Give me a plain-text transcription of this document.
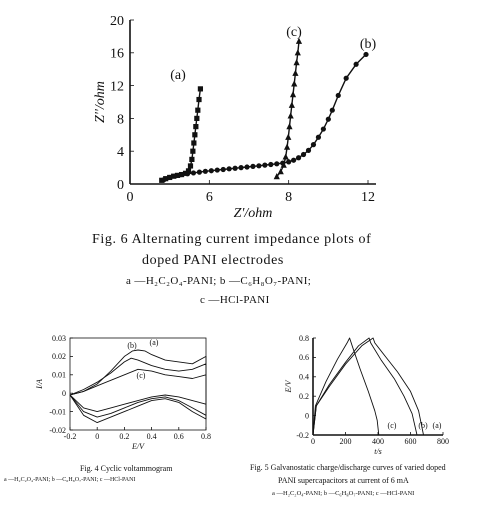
0
4
8
12
16
20
0	6	8	12
Z'/ohm
Z''/ohm
(a)
(b)
(c)
-0.02
-0.01
0
0.01
0.02
0.03
-0.2 0	0.2 0.4 0.6 0.8
E/V
I/A
(a)
(b)
(c)
-0.2
0
0.2
0.4
0.6
0.8
0	200	400	600	800
t/s
E/V
(c)	(b) (a)
Fig. 6 Alternating current impedance plots of
doped PANI electrodes
a —H₂C₂O₄-PANI; b —C₆H₈O₇-PANI;
c —HCl-PANI
Fig. 4 Cyclic voltammogram
a —H₂C₂O₄-PANI; b —C₆H₈O₇-PANI; c —HCl-PANI
Fig. 5 Galvanostatic charge/discharge curves of varied doped
PANI supercapacitors at current of 6 mA
a —H₂C₂O₄-PANI; b —C₆H₈O₇-PANI; c —HCl-PANI
